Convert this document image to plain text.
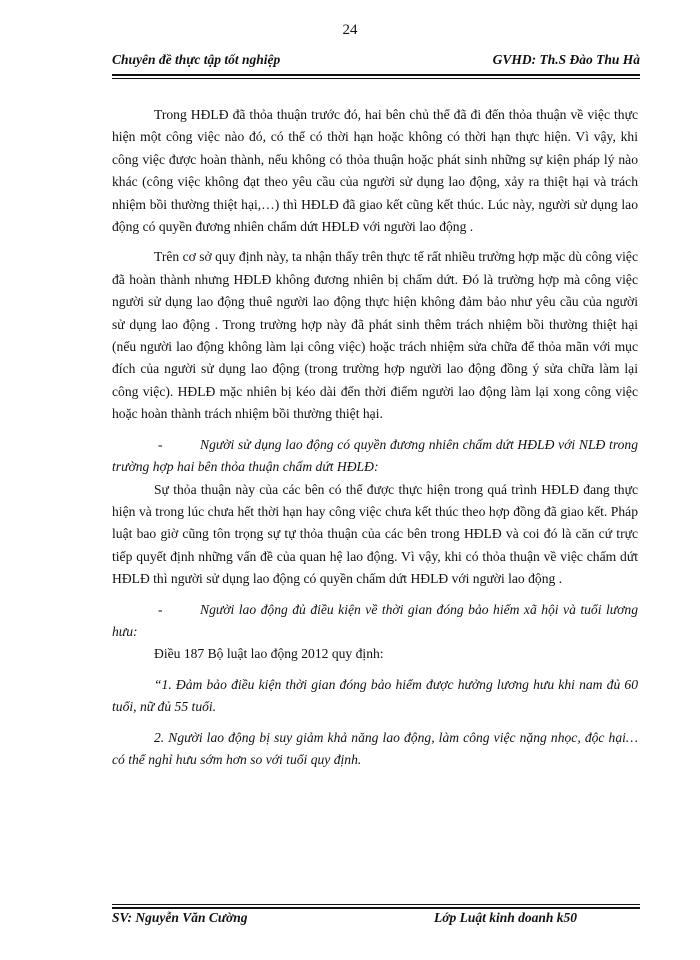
24
Chuyên đề thực tập tốt nghiệp	GVHD: Th.S Đào Thu Hà

Trong HĐLĐ đã thỏa thuận trước đó, hai bên chủ thể đã đi đến thỏa thuận về việc thực hiện một công việc nào đó, có thể có thời hạn hoặc không có thời hạn thực hiện. Vì vậy, khi công việc được hoàn thành, nếu không có thỏa thuận hoặc phát sinh những sự kiện pháp lý nào khác (công việc không đạt theo yêu cầu của người sử dụng lao động, xảy ra thiệt hại và trách nhiệm bồi thường thiệt hại,…) thì HĐLĐ đã giao kết cũng kết thúc. Lúc này, người sử dụng lao động có quyền đương nhiên chấm dứt HĐLĐ với người lao động .

Trên cơ sở quy định này, ta nhận thấy trên thực tế rất nhiều trường hợp mặc dù công việc đã hoàn thành nhưng HĐLĐ không đương nhiên bị chấm dứt. Đó là trường hợp mà công việc người sử dụng lao động thuê người lao động thực hiện không đảm bảo như yêu cầu của người sử dụng lao động . Trong trường hợp này đã phát sinh thêm trách nhiệm bồi thường thiệt hại (nếu người lao động không làm lại công việc) hoặc trách nhiệm sửa chữa để thỏa mãn với mục đích của người sử dụng lao động (trong trường hợp người lao động đồng ý sửa chữa làm lại công việc). HĐLĐ mặc nhiên bị kéo dài đến thời điểm người lao động làm lại xong công việc hoặc hoàn thành trách nhiệm bồi thường thiệt hại.

-	Người sử dụng lao động có quyền đương nhiên chấm dứt HĐLĐ với NLĐ trong trường hợp hai bên thỏa thuận chấm dứt HĐLĐ:

Sự thỏa thuận này của các bên có thể được thực hiện trong quá trình HĐLĐ đang thực hiện và trong lúc chưa hết thời hạn hay công việc chưa kết thúc theo hợp đồng đã giao kết. Pháp luật bao giờ cũng tôn trọng sự tự thỏa thuận của các bên trong HĐLĐ và coi đó là căn cứ trực tiếp quyết định những vấn đề của quan hệ lao động. Vì vậy, khi có thỏa thuận về việc chấm dứt HĐLĐ thì người sử dụng lao động có quyền chấm dứt HĐLĐ với người lao động .

-	Người lao động đủ điều kiện về thời gian đóng bảo hiểm xã hội và tuổi lương hưu:

Điều 187 Bộ luật lao động 2012 quy định:

“1. Đảm bảo điều kiện thời gian đóng bảo hiểm được hưởng lương hưu khi nam đủ 60 tuổi, nữ đủ 55 tuổi.

2. Người lao động bị suy giảm khả năng lao động, làm công việc nặng nhọc, độc hại… có thể nghỉ hưu sớm hơn so với tuổi quy định.

SV: Nguyễn Văn Cường	Lớp Luật kinh doanh k50
